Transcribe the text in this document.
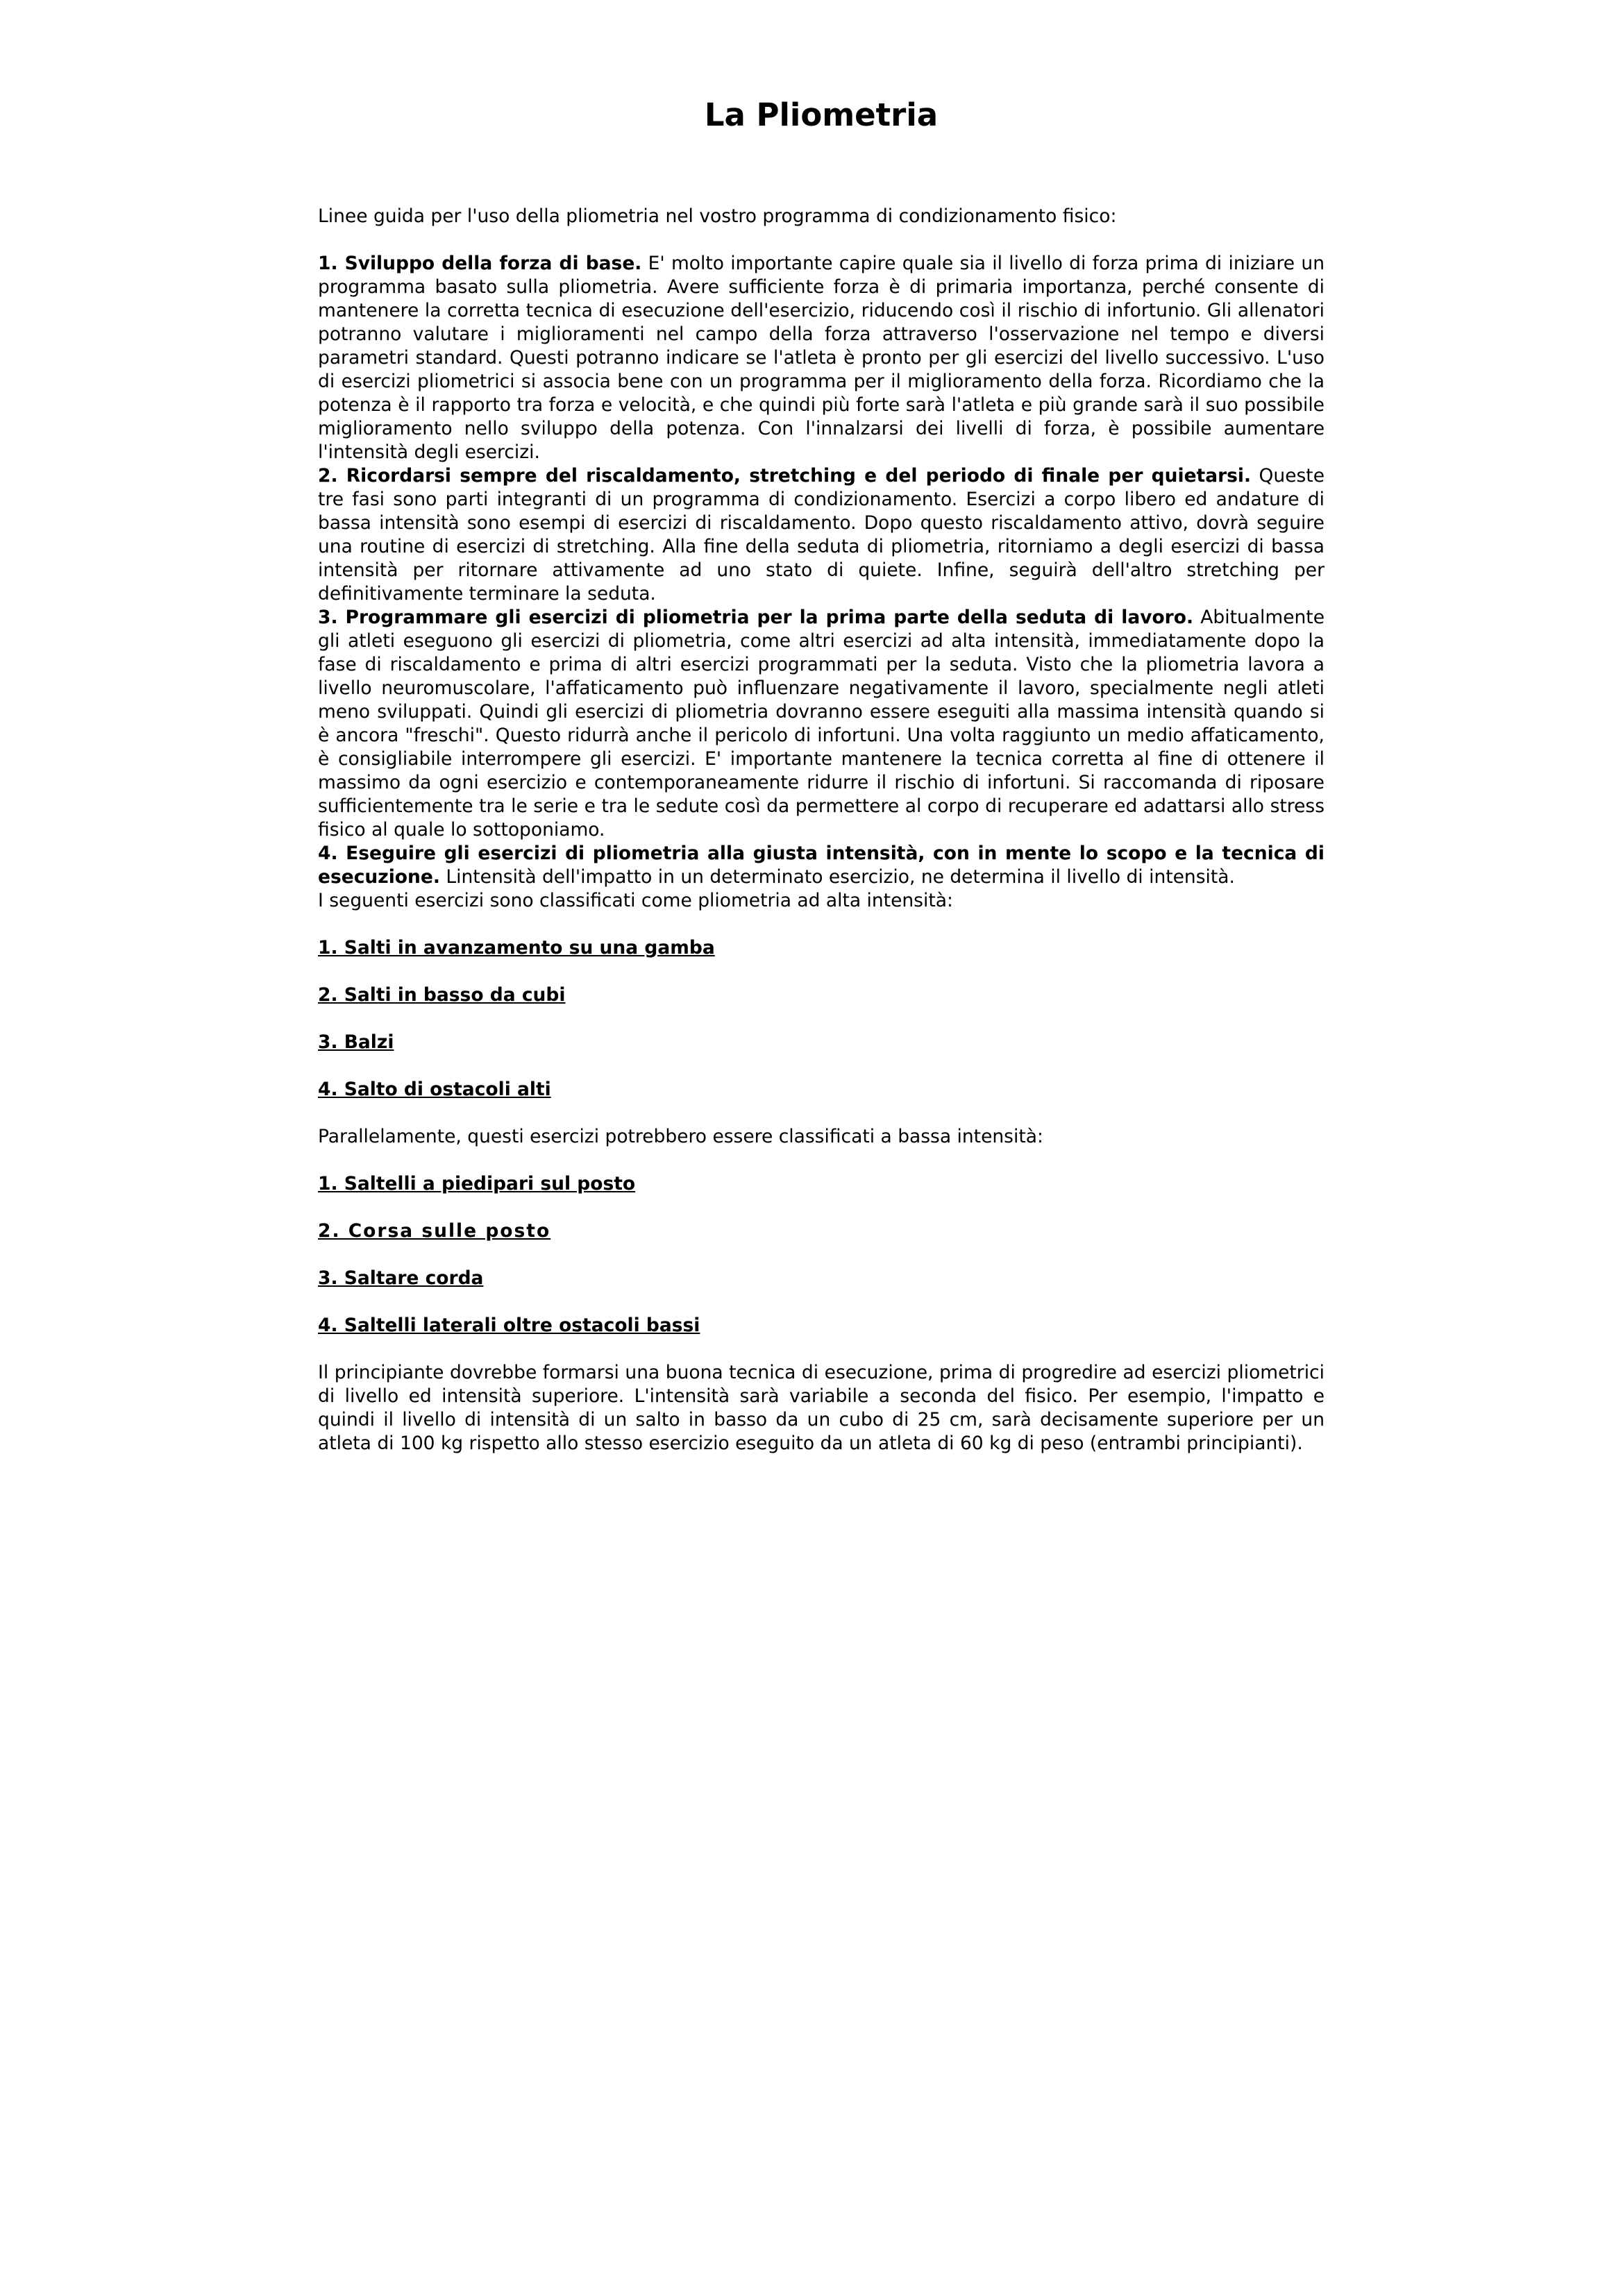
La Pliometria

Linee guida per l'uso della pliometria nel vostro programma di condizionamento fisico:

1. Sviluppo della forza di base. E' molto importante capire quale sia il livello di forza prima di iniziare un programma basato sulla pliometria. Avere sufficiente forza è di primaria importanza, perché consente di mantenere la corretta tecnica di esecuzione dell'esercizio, riducendo così il rischio di infortunio. Gli allenatori potranno valutare i miglioramenti nel campo della forza attraverso l'osservazione nel tempo e diversi parametri standard. Questi potranno indicare se l'atleta è pronto per gli esercizi del livello successivo. L'uso di esercizi pliometrici si associa bene con un programma per il miglioramento della forza. Ricordiamo che la potenza è il rapporto tra forza e velocità, e che quindi più forte sarà l'atleta e più grande sarà il suo possibile miglioramento nello sviluppo della potenza. Con l'innalzarsi dei livelli di forza, è possibile aumentare l'intensità degli esercizi.

2. Ricordarsi sempre del riscaldamento, stretching e del periodo di finale per quietarsi. Queste tre fasi sono parti integranti di un programma di condizionamento. Esercizi a corpo libero ed andature di bassa intensità sono esempi di esercizi di riscaldamento. Dopo questo riscaldamento attivo, dovrà seguire una routine di esercizi di stretching. Alla fine della seduta di pliometria, ritorniamo a degli esercizi di bassa intensità per ritornare attivamente ad uno stato di quiete. Infine, seguirà dell'altro stretching per definitivamente terminare la seduta.

3. Programmare gli esercizi di pliometria per la prima parte della seduta di lavoro. Abitualmente gli atleti eseguono gli esercizi di pliometria, come altri esercizi ad alta intensità, immediatamente dopo la fase di riscaldamento e prima di altri esercizi programmati per la seduta. Visto che la pliometria lavora a livello neuromuscolare, l'affaticamento può influenzare negativamente il lavoro, specialmente negli atleti meno sviluppati. Quindi gli esercizi di pliometria dovranno essere eseguiti alla massima intensità quando si è ancora "freschi". Questo ridurrà anche il pericolo di infortuni. Una volta raggiunto un medio affaticamento, è consigliabile interrompere gli esercizi. E' importante mantenere la tecnica corretta al fine di ottenere il massimo da ogni esercizio e contemporaneamente ridurre il rischio di infortuni. Si raccomanda di riposare sufficientemente tra le serie e tra le sedute così da permettere al corpo di recuperare ed adattarsi allo stress fisico al quale lo sottoponiamo.

4. Eseguire gli esercizi di pliometria alla giusta intensità, con in mente lo scopo e la tecnica di esecuzione. Lintensità dell'impatto in un determinato esercizio, ne determina il livello di intensità.

I seguenti esercizi sono classificati come pliometria ad alta intensità:

1. Salti in avanzamento su una gamba

2. Salti in basso da cubi

3. Balzi

4. Salto di ostacoli alti

Parallelamente, questi esercizi potrebbero essere classificati a bassa intensità:

1. Saltelli a piedipari sul posto

2. Corsa sulle posto

3. Saltare corda

4. Saltelli laterali oltre ostacoli bassi

Il principiante dovrebbe formarsi una buona tecnica di esecuzione, prima di progredire ad esercizi pliometrici di livello ed intensità superiore. L'intensità sarà variabile a seconda del fisico. Per esempio, l'impatto e quindi il livello di intensità di un salto in basso da un cubo di 25 cm, sarà decisamente superiore per un atleta di 100 kg rispetto allo stesso esercizio eseguito da un atleta di 60 kg di peso (entrambi principianti).
